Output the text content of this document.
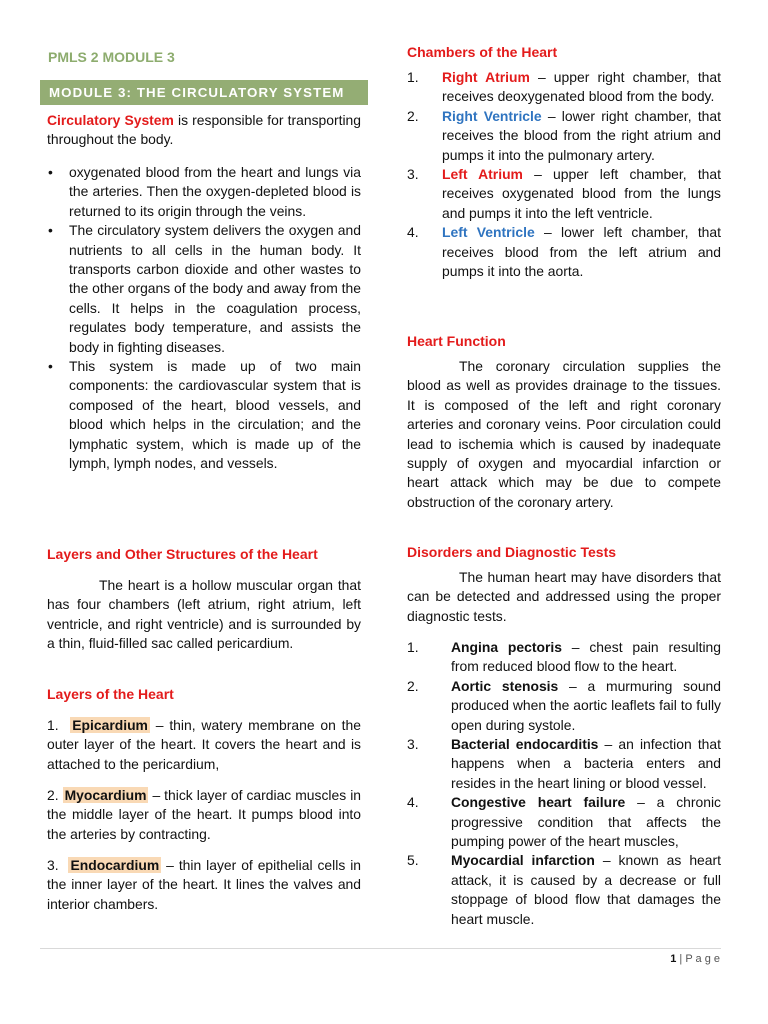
PMLS 2 MODULE 3
MODULE 3: THE CIRCULATORY SYSTEM

Circulatory System is responsible for transporting throughout the body.

• oxygenated blood from the heart and lungs via the arteries. Then the oxygen-depleted blood is returned to its origin through the veins.
• The circulatory system delivers the oxygen and nutrients to all cells in the human body. It transports carbon dioxide and other wastes to the other organs of the body and away from the cells. It helps in the coagulation process, regulates body temperature, and assists the body in fighting diseases.
• This system is made up of two main components: the cardiovascular system that is composed of the heart, blood vessels, and blood which helps in the circulation; and the lymphatic system, which is made up of the lymph, lymph nodes, and vessels.

Layers and Other Structures of the Heart

The heart is a hollow muscular organ that has four chambers (left atrium, right atrium, left ventricle, and right ventricle) and is surrounded by a thin, fluid-filled sac called pericardium.

Layers of the Heart

1. Epicardium – thin, watery membrane on the outer layer of the heart. It covers the heart and is attached to the pericardium,

2. Myocardium – thick layer of cardiac muscles in the middle layer of the heart. It pumps blood into the arteries by contracting.

3. Endocardium – thin layer of epithelial cells in the inner layer of the heart. It lines the valves and interior chambers.

Chambers of the Heart

1. Right Atrium – upper right chamber, that receives deoxygenated blood from the body.
2. Right Ventricle – lower right chamber, that receives the blood from the right atrium and pumps it into the pulmonary artery.
3. Left Atrium – upper left chamber, that receives oxygenated blood from the lungs and pumps it into the left ventricle.
4. Left Ventricle – lower left chamber, that receives blood from the left atrium and pumps it into the aorta.

Heart Function

The coronary circulation supplies the blood as well as provides drainage to the tissues. It is composed of the left and right coronary arteries and coronary veins. Poor circulation could lead to ischemia which is caused by inadequate supply of oxygen and myocardial infarction or heart attack which may be due to compete obstruction of the coronary artery.

Disorders and Diagnostic Tests

The human heart may have disorders that can be detected and addressed using the proper diagnostic tests.

1. Angina pectoris – chest pain resulting from reduced blood flow to the heart.
2. Aortic stenosis – a murmuring sound produced when the aortic leaflets fail to fully open during systole.
3. Bacterial endocarditis – an infection that happens when a bacteria enters and resides in the heart lining or blood vessel.
4. Congestive heart failure – a chronic progressive condition that affects the pumping power of the heart muscles,
5. Myocardial infarction – known as heart attack, it is caused by a decrease or full stoppage of blood flow that damages the heart muscle.
1 | P a g e
